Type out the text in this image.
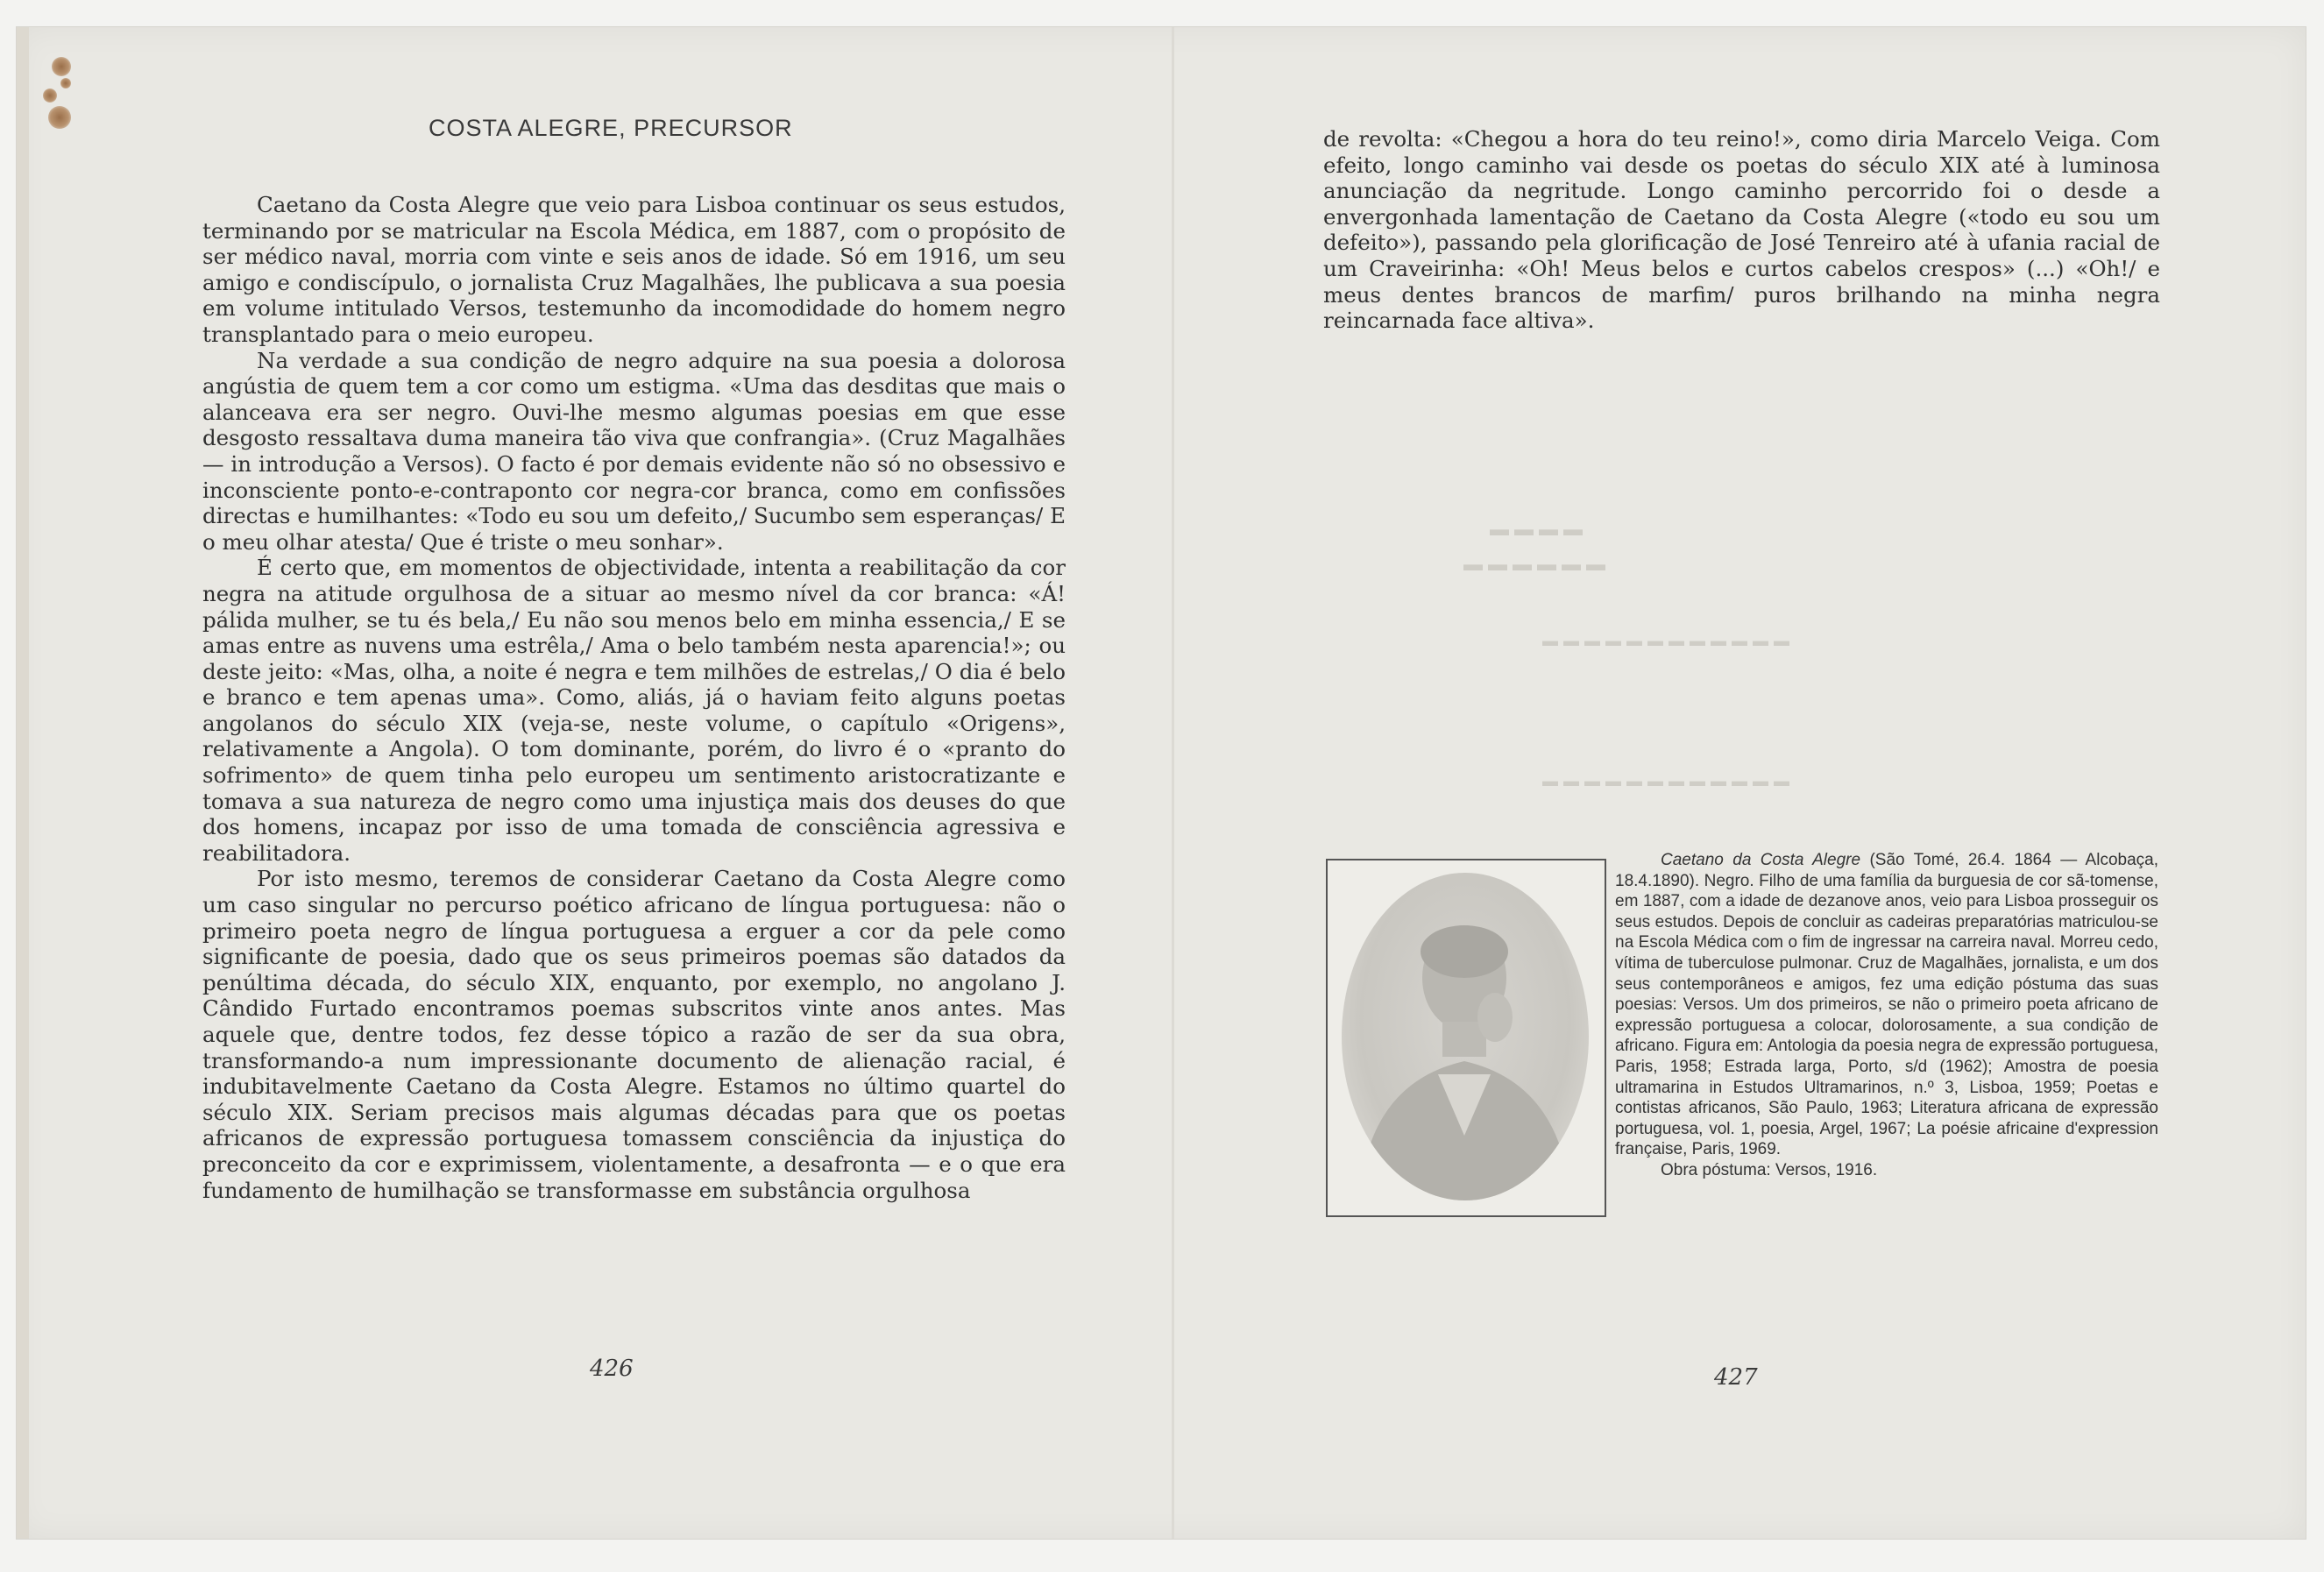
COSTA ALEGRE, PRECURSOR

Caetano da Costa Alegre que veio para Lisboa continuar os seus estudos, terminando por se matricular na Escola Médica, em 1887, com o propósito de ser médico naval, morria com vinte e seis anos de idade. Só em 1916, um seu amigo e condiscípulo, o jornalista Cruz Magalhães, lhe publicava a sua poesia em volume intitulado Versos, testemunho da incomodidade do homem negro transplantado para o meio europeu.

Na verdade a sua condição de negro adquire na sua poesia a dolorosa angústia de quem tem a cor como um estigma. «Uma das desditas que mais o alanceava era ser negro. Ouvi-lhe mesmo algumas poesias em que esse desgosto ressaltava duma maneira tão viva que confrangia». (Cruz Magalhães — in introdução a Versos). O facto é por demais evidente não só no obsessivo e inconsciente ponto-e-contraponto cor negra-cor branca, como em confissões directas e humilhantes: «Todo eu sou um defeito,/ Sucumbo sem esperanças/ E o meu olhar atesta/ Que é triste o meu sonhar».

É certo que, em momentos de objectividade, intenta a reabilitação da cor negra na atitude orgulhosa de a situar ao mesmo nível da cor branca: «Á! pálida mulher, se tu és bela,/ Eu não sou menos belo em minha essencia,/ E se amas entre as nuvens uma estrêla,/ Ama o belo também nesta aparencia!»; ou deste jeito: «Mas, olha, a noite é negra e tem milhões de estrelas,/ O dia é belo e branco e tem apenas uma». Como, aliás, já o haviam feito alguns poetas angolanos do século XIX (veja-se, neste volume, o capítulo «Origens», relativamente a Angola). O tom dominante, porém, do livro é o «pranto do sofrimento» de quem tinha pelo europeu um sentimento aristocratizante e tomava a sua natureza de negro como uma injustiça mais dos deuses do que dos homens, incapaz por isso de uma tomada de consciência agressiva e reabilitadora.

Por isto mesmo, teremos de considerar Caetano da Costa Alegre como um caso singular no percurso poético africano de língua portuguesa: não o primeiro poeta negro de língua portuguesa a erguer a cor da pele como significante de poesia, dado que os seus primeiros poemas são datados da penúltima década, do século XIX, enquanto, por exemplo, no angolano J. Cândido Furtado encontramos poemas subscritos vinte anos antes. Mas aquele que, dentre todos, fez desse tópico a razão de ser da sua obra, transformando-a num impressionante documento de alienação racial, é indubitavelmente Caetano da Costa Alegre. Estamos no último quartel do século XIX. Seriam precisos mais algumas décadas para que os poetas africanos de expressão portuguesa tomassem consciência da injustiça do preconceito da cor e exprimissem, violentamente, a desafronta — e o que era fundamento de humilhação se transformasse em substância orgulhosa

426

de revolta: «Chegou a hora do teu reino!», como diria Marcelo Veiga. Com efeito, longo caminho vai desde os poetas do século XIX até à luminosa anunciação da negritude. Longo caminho percorrido foi o desde a envergonhada lamentação de Caetano da Costa Alegre («todo eu sou um defeito»), passando pela glorificação de José Tenreiro até à ufania racial de um Craveirinha: «Oh! Meus belos e curtos cabelos crespos» (...) «Oh!/ e meus dentes brancos de marfim/ puros brilhando na minha negra reincarnada face altiva».

▬▬▬▬
▬▬▬▬▬▬
▬▬▬▬▬▬▬▬▬▬▬▬
▬▬▬▬▬▬▬▬▬▬▬▬

Caetano da Costa Alegre (São Tomé, 26.4. 1864 — Alcobaça, 18.4.1890). Negro. Filho de uma família da burguesia de cor sã-tomense, em 1887, com a idade de dezanove anos, veio para Lisboa prosseguir os seus estudos. Depois de concluir as cadeiras preparatórias matriculou-se na Escola Médica com o fim de ingressar na carreira naval. Morreu cedo, vítima de tuberculose pulmonar. Cruz de Magalhães, jornalista, e um dos seus contemporâneos e amigos, fez uma edição póstuma das suas poesias: Versos. Um dos primeiros, se não o primeiro poeta africano de expressão portuguesa a colocar, dolorosamente, a sua condição de africano. Figura em: Antologia da poesia negra de expressão portuguesa, Paris, 1958; Estrada larga, Porto, s/d (1962); Amostra de poesia ultramarina in Estudos Ultramarinos, n.º 3, Lisboa, 1959; Poetas e contistas africanos, São Paulo, 1963; Literatura africana de expressão portuguesa, vol. 1, poesia, Argel, 1967; La poésie africaine d'expression française, Paris, 1969.

Obra póstuma: Versos, 1916.

427
